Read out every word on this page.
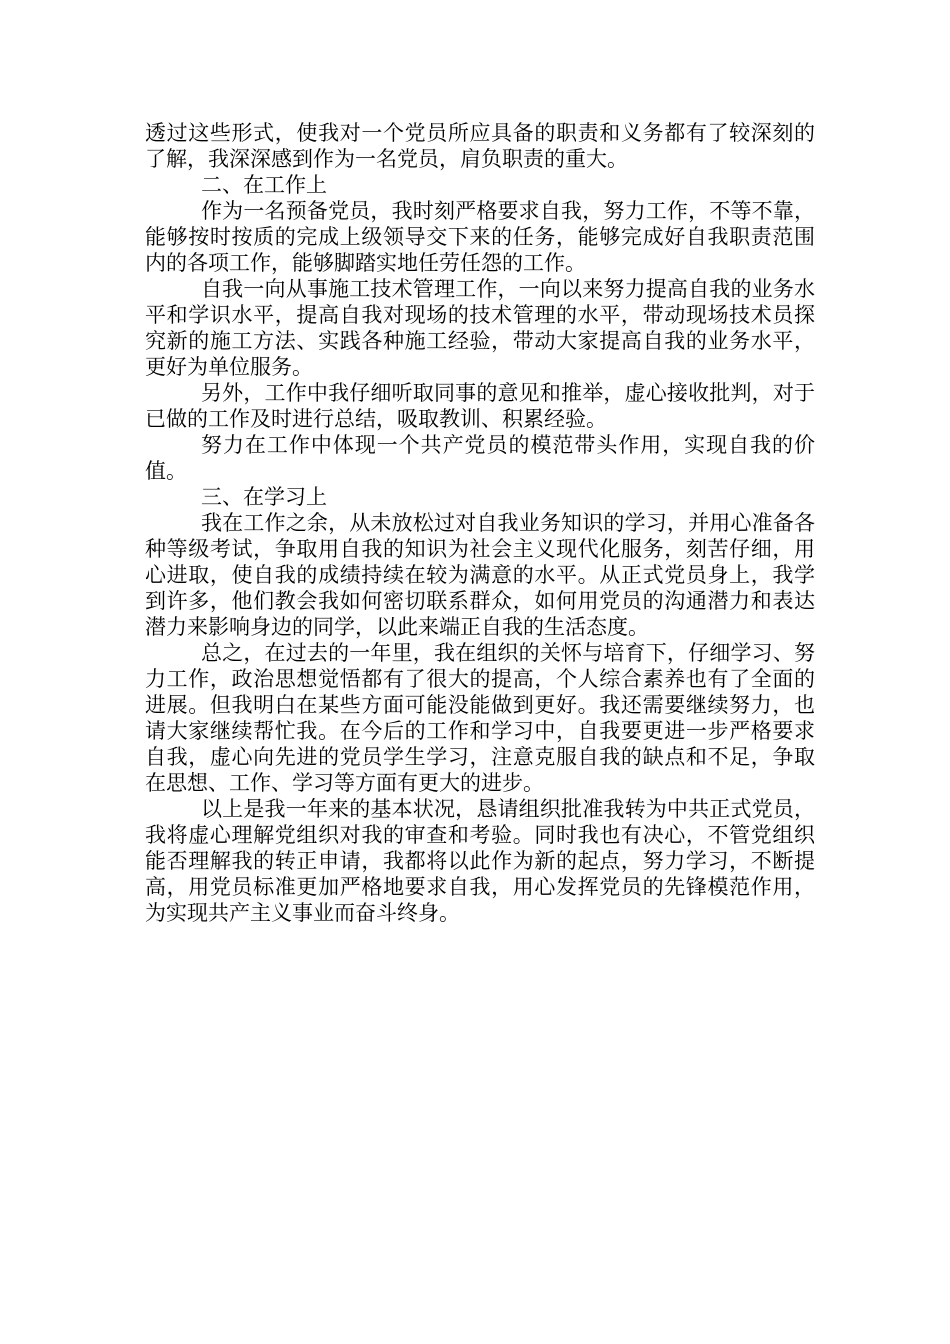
透过这些形式，使我对一个党员所应具备的职责和义务都有了较深刻的了解，我深深感到作为一名党员，肩负职责的重大。

二、在工作上

作为一名预备党员，我时刻严格要求自我，努力工作，不等不靠，能够按时按质的完成上级领导交下来的任务，能够完成好自我职责范围内的各项工作，能够脚踏实地任劳任怨的工作。

自我一向从事施工技术管理工作，一向以来努力提高自我的业务水平和学识水平，提高自我对现场的技术管理的水平，带动现场技术员探究新的施工方法、实践各种施工经验，带动大家提高自我的业务水平，更好为单位服务。

另外，工作中我仔细听取同事的意见和推举，虚心接收批判，对于已做的工作及时进行总结，吸取教训、积累经验。

努力在工作中体现一个共产党员的模范带头作用，实现自我的价值。

三、在学习上

我在工作之余，从未放松过对自我业务知识的学习，并用心准备各种等级考试，争取用自我的知识为社会主义现代化服务，刻苦仔细，用心进取，使自我的成绩持续在较为满意的水平。从正式党员身上，我学到许多，他们教会我如何密切联系群众，如何用党员的沟通潜力和表达潜力来影响身边的同学，以此来端正自我的生活态度。

总之，在过去的一年里，我在组织的关怀与培育下，仔细学习、努力工作，政治思想觉悟都有了很大的提高，个人综合素养也有了全面的进展。但我明白在某些方面可能没能做到更好。我还需要继续努力，也请大家继续帮忙我。在今后的工作和学习中，自我要更进一步严格要求自我，虚心向先进的党员学生学习，注意克服自我的缺点和不足，争取在思想、工作、学习等方面有更大的进步。

以上是我一年来的基本状况，恳请组织批准我转为中共正式党员，我将虚心理解党组织对我的审查和考验。同时我也有决心，不管党组织能否理解我的转正申请，我都将以此作为新的起点，努力学习，不断提高，用党员标准更加严格地要求自我，用心发挥党员的先锋模范作用，为实现共产主义事业而奋斗终身。
